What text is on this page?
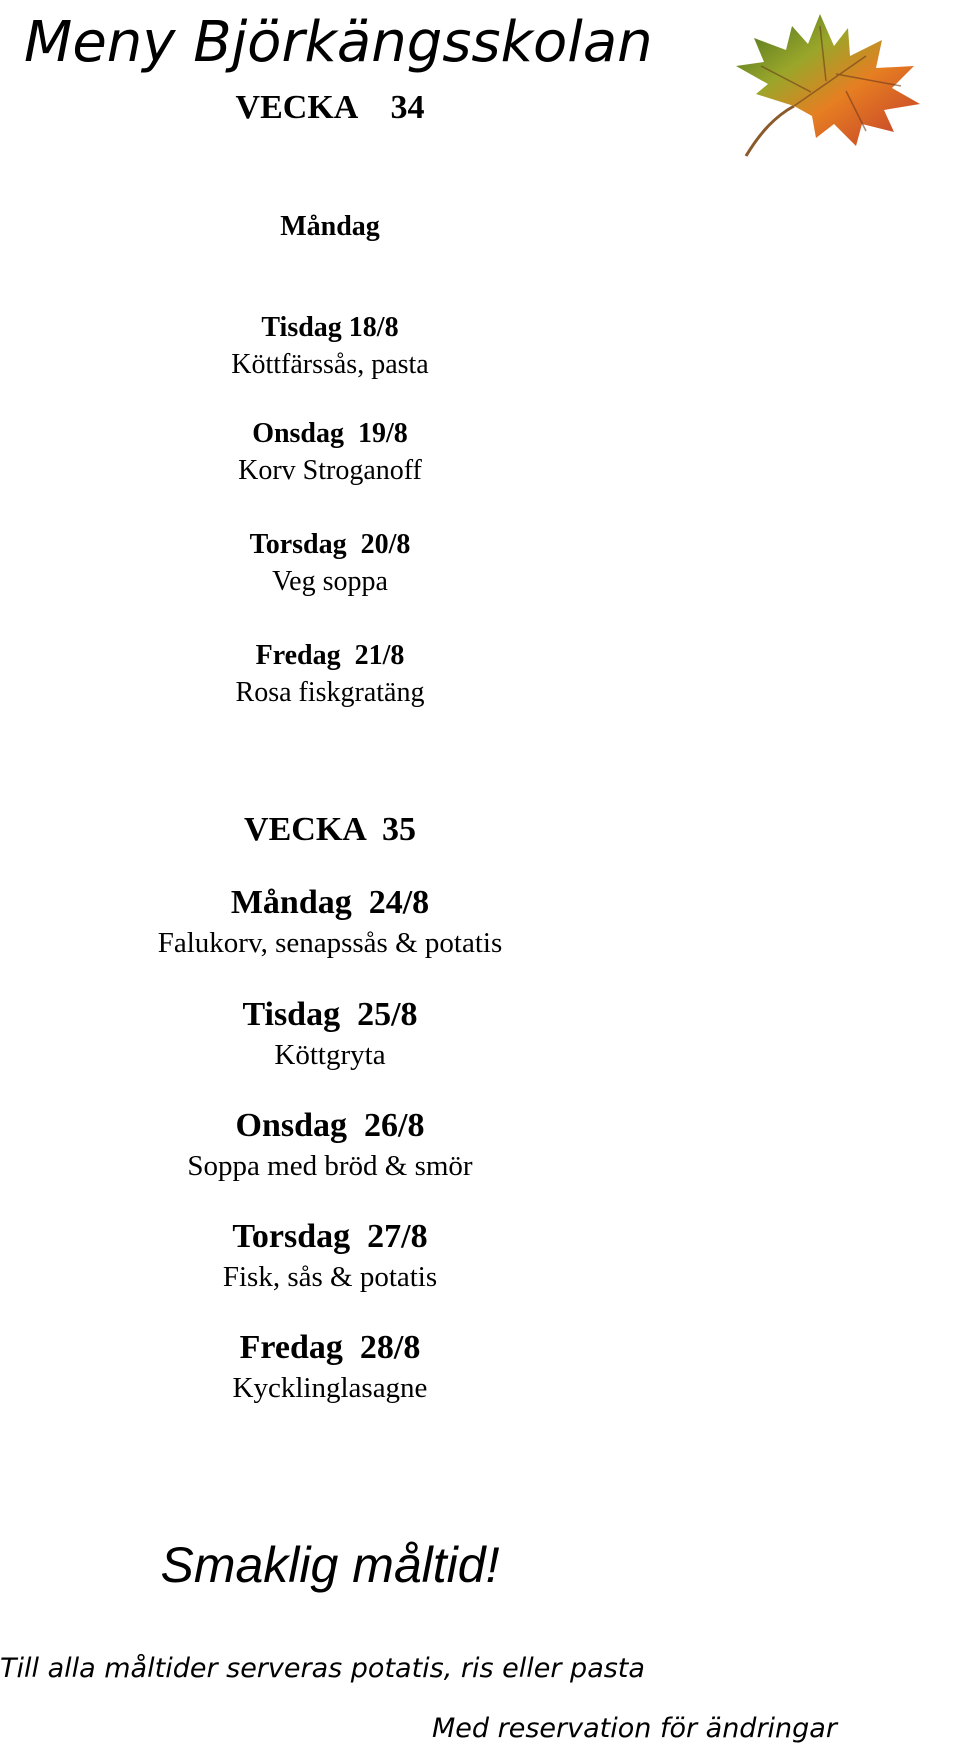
Meny Björkängsskolan
VECKA    34
Måndag
Tisdag 18/8
Köttfärssås, pasta
Onsdag  19/8
Korv Stroganoff
Torsdag  20/8
Veg soppa
Fredag  21/8
Rosa fiskgratäng
VECKA  35
Måndag  24/8
Falukorv, senapssås & potatis
Tisdag  25/8
Köttgryta
Onsdag  26/8
Soppa med bröd & smör
Torsdag  27/8
Fisk, sås & potatis
Fredag  28/8
Kycklinglasagne
Smaklig måltid!
Till alla måltider serveras potatis, ris eller pasta
Med reservation för ändringar
